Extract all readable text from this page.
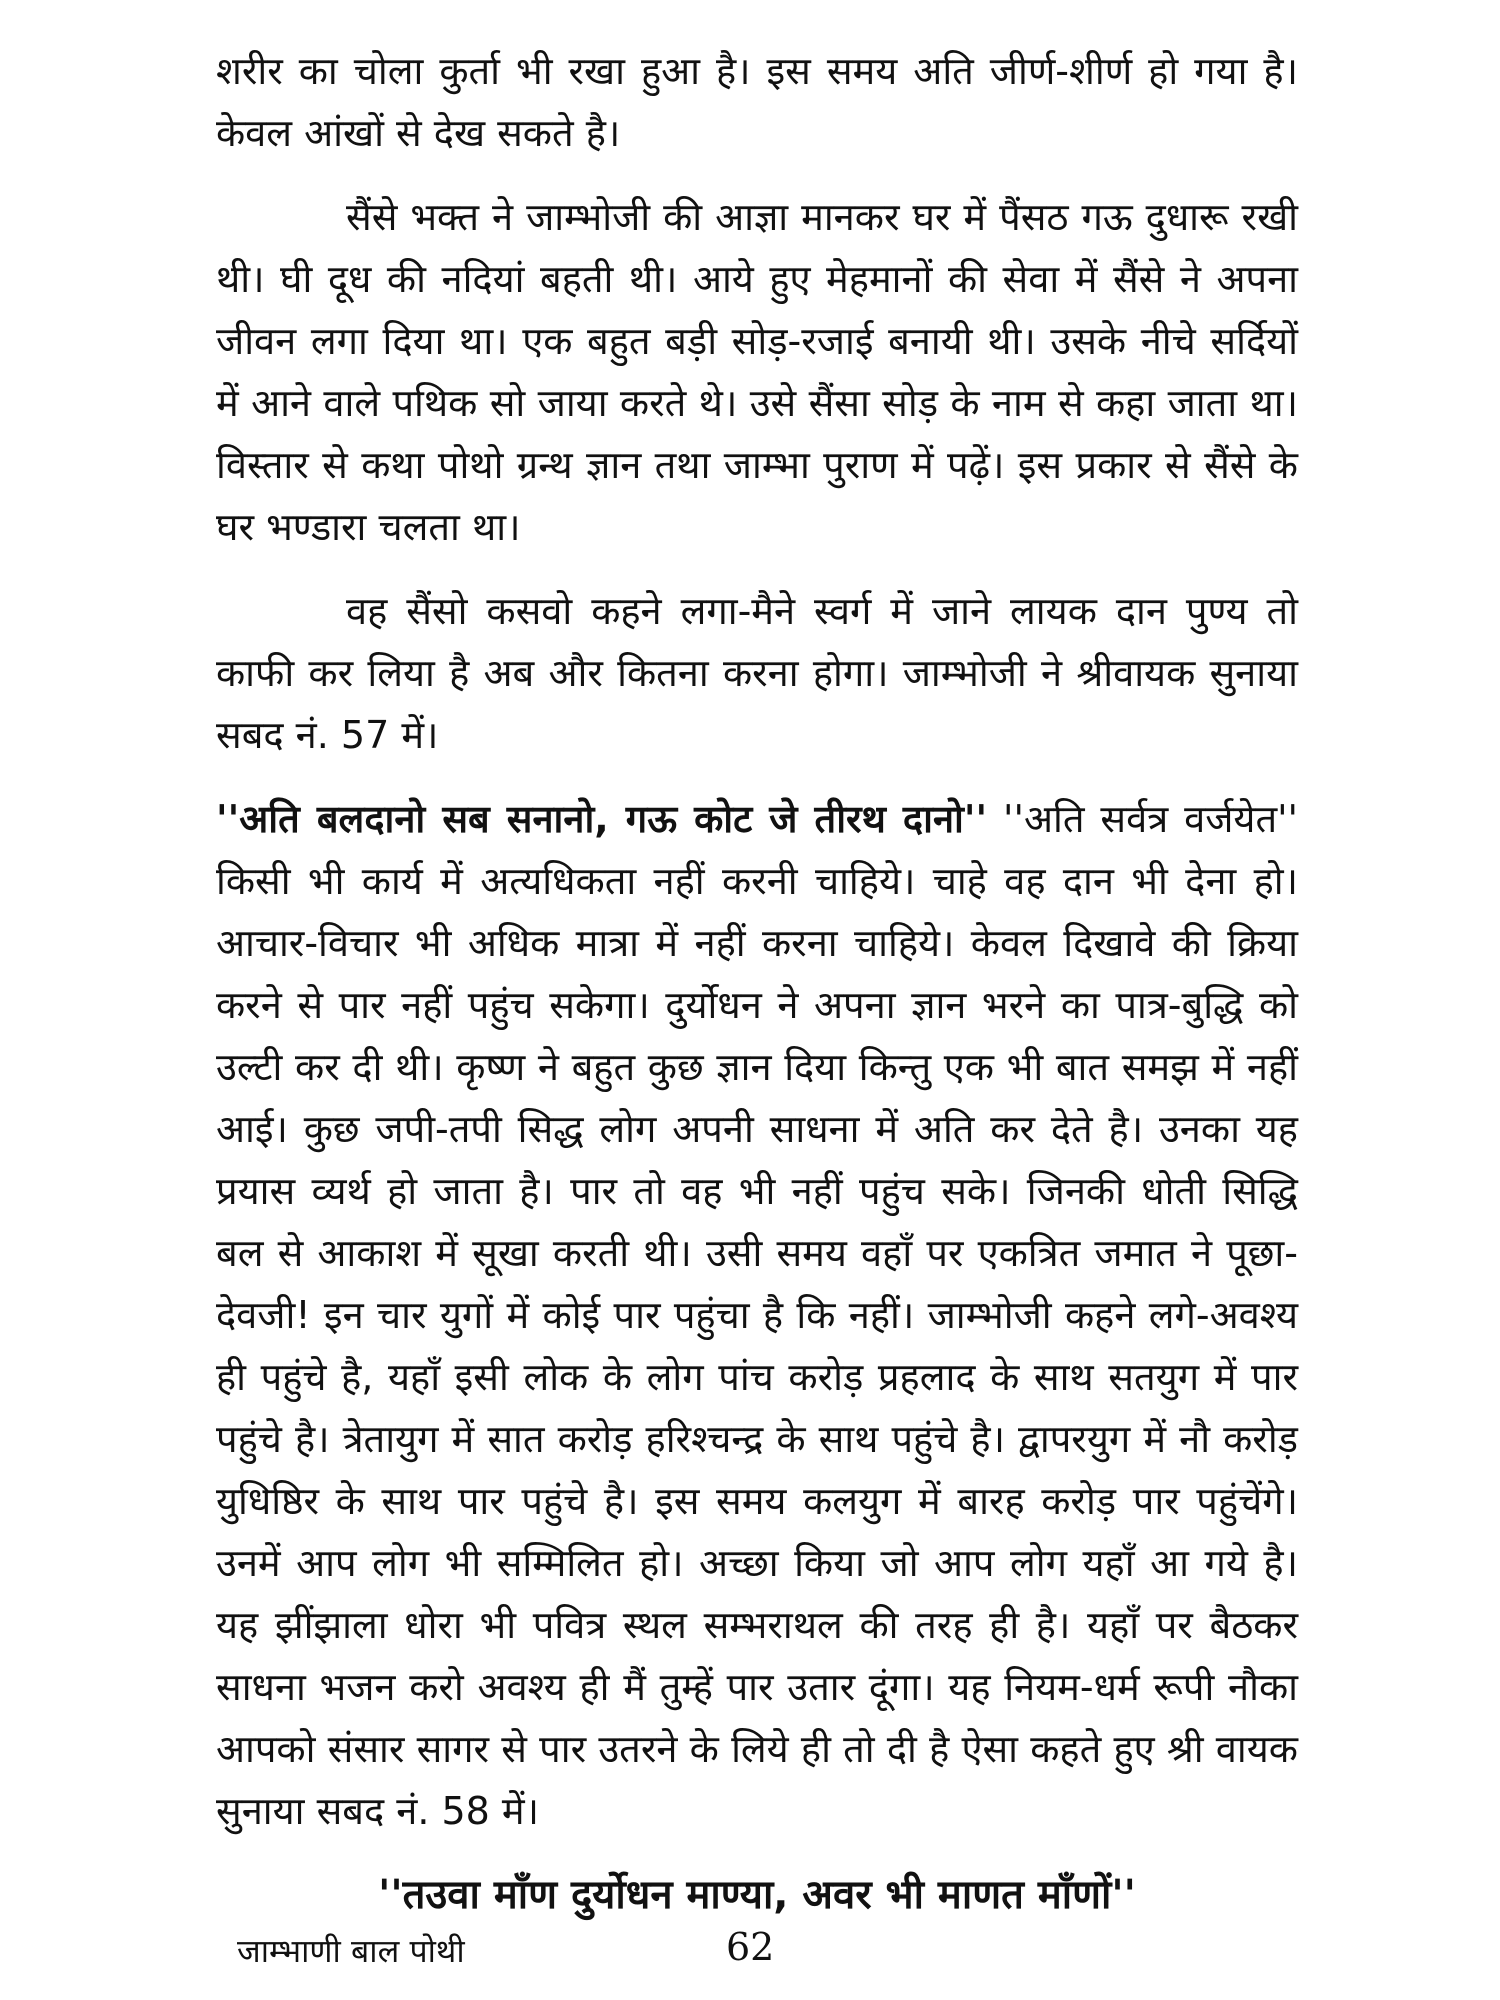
शरीर का चोला कुर्ता भी रखा हुआ है। इस समय अति जीर्ण-शीर्ण हो गया है। केवल आंखों से देख सकते है।

सैंसे भक्त ने जाम्भोजी की आज्ञा मानकर घर में पैंसठ गऊ दुधारू रखी थी। घी दूध की नदियां बहती थी। आये हुए मेहमानों की सेवा में सैंसे ने अपना जीवन लगा दिया था। एक बहुत बड़ी सोड़-रजाई बनायी थी। उसके नीचे सर्दियों में आने वाले पथिक सो जाया करते थे। उसे सैंसा सोड़ के नाम से कहा जाता था। विस्तार से कथा पोथो ग्रन्थ ज्ञान तथा जाम्भा पुराण में पढ़ें। इस प्रकार से सैंसे के घर भण्डारा चलता था।

वह सैंसो कसवो कहने लगा-मैने स्वर्ग में जाने लायक दान पुण्य तो काफी कर लिया है अब और कितना करना होगा। जाम्भोजी ने श्रीवायक सुनाया सबद नं. 57 में।

''अति बलदानो सब सनानो, गऊ कोट जे तीरथ दानो'' ''अति सर्वत्र वर्जयेत'' किसी भी कार्य में अत्यधिकता नहीं करनी चाहिये। चाहे वह दान भी देना हो। आचार-विचार भी अधिक मात्रा में नहीं करना चाहिये। केवल दिखावे की क्रिया करने से पार नहीं पहुंच सकेगा। दुर्योधन ने अपना ज्ञान भरने का पात्र-बुद्धि को उल्टी कर दी थी। कृष्ण ने बहुत कुछ ज्ञान दिया किन्तु एक भी बात समझ में नहीं आई। कुछ जपी-तपी सिद्ध लोग अपनी साधना में अति कर देते है। उनका यह प्रयास व्यर्थ हो जाता है। पार तो वह भी नहीं पहुंच सके। जिनकी धोती सिद्धि बल से आकाश में सूखा करती थी। उसी समय वहाँ पर एकत्रित जमात ने पूछा-देवजी! इन चार युगों में कोई पार पहुंचा है कि नहीं। जाम्भोजी कहने लगे-अवश्य ही पहुंचे है, यहाँ इसी लोक के लोग पांच करोड़ प्रहलाद के साथ सतयुग में पार पहुंचे है। त्रेतायुग में सात करोड़ हरिश्चन्द्र के साथ पहुंचे है। द्वापरयुग में नौ करोड़ युधिष्ठिर के साथ पार पहुंचे है। इस समय कलयुग में बारह करोड़ पार पहुंचेंगे। उनमें आप लोग भी सम्मिलित हो। अच्छा किया जो आप लोग यहाँ आ गये है। यह झींझाला धोरा भी पवित्र स्थल सम्भराथल की तरह ही है। यहाँ पर बैठकर साधना भजन करो अवश्य ही मैं तुम्हें पार उतार दूंगा। यह नियम-धर्म रूपी नौका आपको संसार सागर से पार उतरने के लिये ही तो दी है ऐसा कहते हुए श्री वायक सुनाया सबद नं. 58 में।

''तउवा माँण दुर्योधन माण्या, अवर भी माणत माँणों''

जाम्भाणी बाल पोथी	62
